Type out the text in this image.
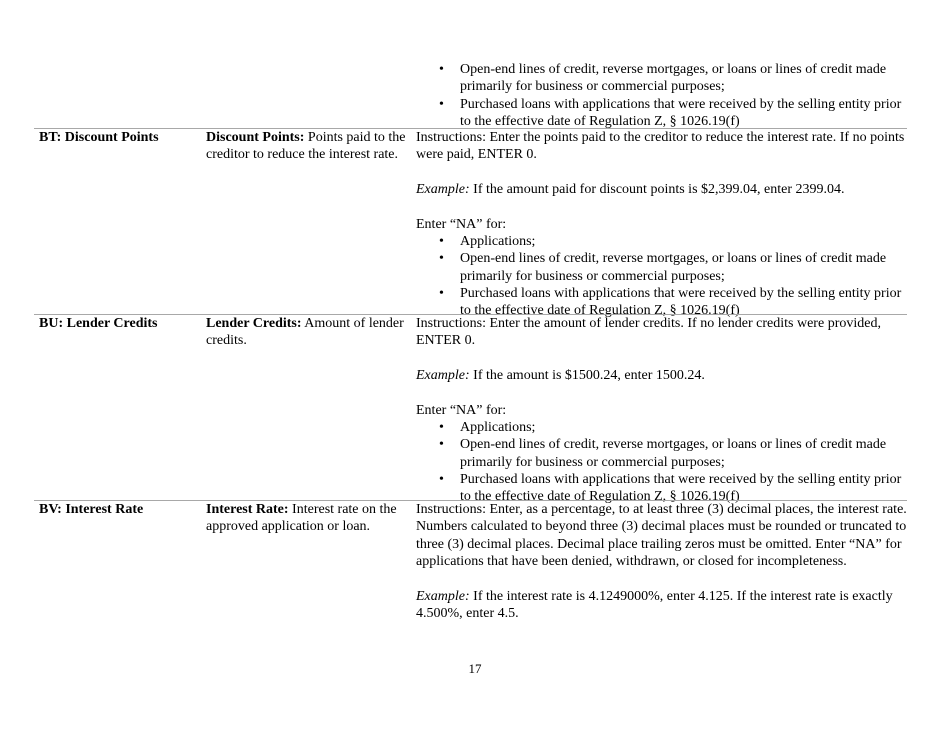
• Open-end lines of credit, reverse mortgages, or loans or lines of credit made primarily for business or commercial purposes;
• Purchased loans with applications that were received by the selling entity prior to the effective date of Regulation Z, § 1026.19(f)
BT: Discount Points	Discount Points: Points paid to the creditor to reduce the interest rate.

Instructions: Enter the points paid to the creditor to reduce the interest rate. If no points were paid, ENTER 0.

Example: If the amount paid for discount points is $2,399.04, enter 2399.04.

Enter “NA” for:

• Applications;
• Open-end lines of credit, reverse mortgages, or loans or lines of credit made primarily for business or commercial purposes;
• Purchased loans with applications that were received by the selling entity prior to the effective date of Regulation Z, § 1026.19(f)
BU: Lender Credits	Lender Credits: Amount of lender credits.

Instructions: Enter the amount of lender credits. If no lender credits were provided, ENTER 0.

Example: If the amount is $1500.24, enter 1500.24.

Enter “NA” for:

• Applications;
• Open-end lines of credit, reverse mortgages, or loans or lines of credit made primarily for business or commercial purposes;
• Purchased loans with applications that were received by the selling entity prior to the effective date of Regulation Z, § 1026.19(f)
BV: Interest Rate	Interest Rate: Interest rate on the approved application or loan.

Instructions: Enter, as a percentage, to at least three (3) decimal places, the interest rate. Numbers calculated to beyond three (3) decimal places must be rounded or truncated to three (3) decimal places. Decimal place trailing zeros must be omitted. Enter “NA” for applications that have been denied, withdrawn, or closed for incompleteness.

Example: If the interest rate is 4.1249000%, enter 4.125. If the interest rate is exactly 4.500%, enter 4.5.

17
